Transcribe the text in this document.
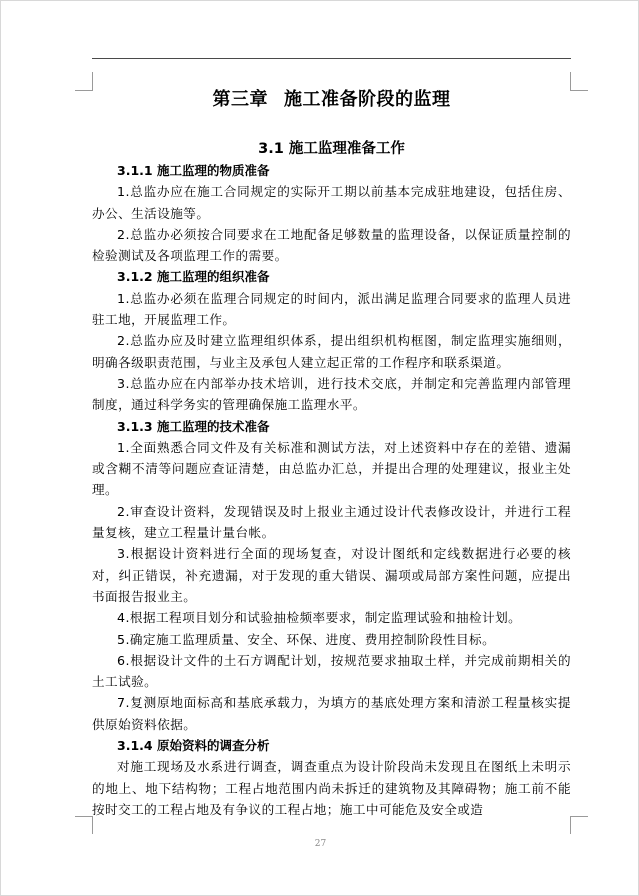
第三章 施工准备阶段的监理
3.1 施工监理准备工作
3.1.1 施工监理的物质准备

1.总监办应在施工合同规定的实际开工期以前基本完成驻地建设，包括住房、办公、生活设施等。

2.总监办必须按合同要求在工地配备足够数量的监理设备，以保证质量控制的检验测试及各项监理工作的需要。

3.1.2 施工监理的组织准备

1.总监办必须在监理合同规定的时间内，派出满足监理合同要求的监理人员进驻工地，开展监理工作。

2.总监办应及时建立监理组织体系，提出组织机构框图，制定监理实施细则，明确各级职责范围，与业主及承包人建立起正常的工作程序和联系渠道。

3.总监办应在内部举办技术培训，进行技术交底，并制定和完善监理内部管理制度，通过科学务实的管理确保施工监理水平。

3.1.3 施工监理的技术准备

1.全面熟悉合同文件及有关标准和测试方法，对上述资料中存在的差错、遗漏或含糊不清等问题应查证清楚，由总监办汇总，并提出合理的处理建议，报业主处理。

2.审查设计资料，发现错误及时上报业主通过设计代表修改设计，并进行工程量复核，建立工程量计量台帐。

3.根据设计资料进行全面的现场复查，对设计图纸和定线数据进行必要的核对，纠正错误，补充遗漏，对于发现的重大错误、漏项或局部方案性问题，应提出书面报告报业主。

4.根据工程项目划分和试验抽检频率要求，制定监理试验和抽检计划。

5.确定施工监理质量、安全、环保、进度、费用控制阶段性目标。

6.根据设计文件的土石方调配计划，按规范要求抽取土样，并完成前期相关的土工试验。

7.复测原地面标高和基底承载力，为填方的基底处理方案和清淤工程量核实提供原始资料依据。

3.1.4 原始资料的调查分析

对施工现场及水系进行调查，调查重点为设计阶段尚未发现且在图纸上未明示的地上、地下结构物；工程占地范围内尚未拆迁的建筑物及其障碍物；施工前不能按时交工的工程占地及有争议的工程占地；施工中可能危及安全或造

27
